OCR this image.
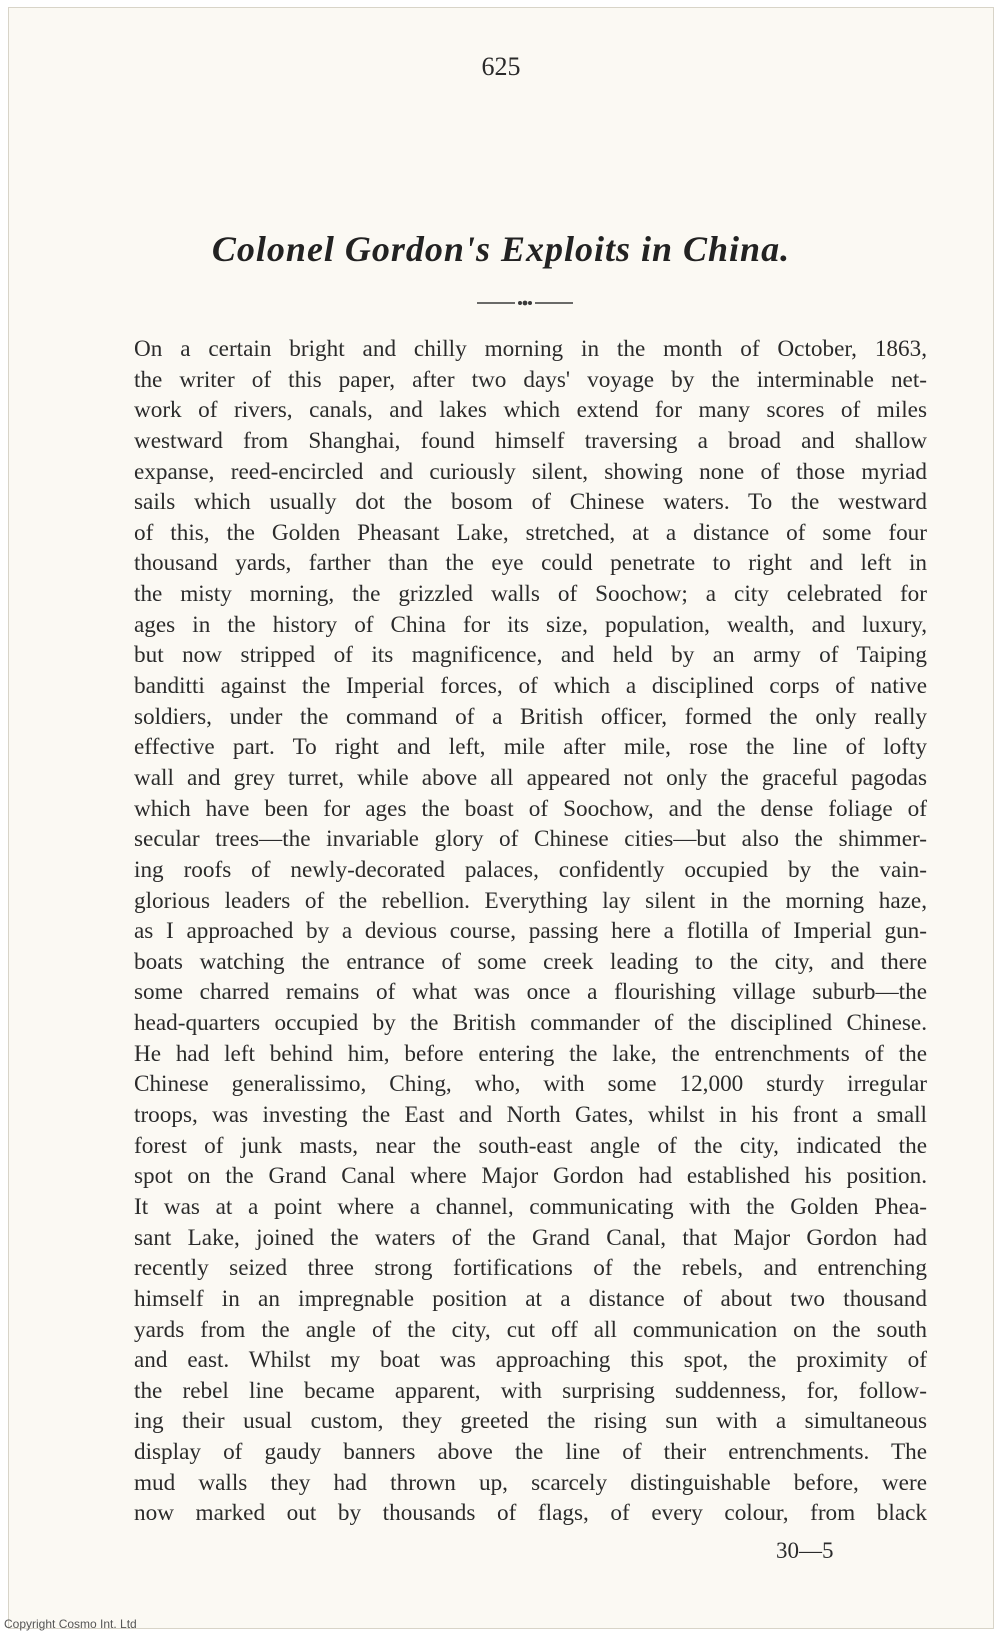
625
Colonel Gordon's Exploits in China.
On a certain bright and chilly morning in the month of October, 1863,
the writer of this paper, after two days' voyage by the interminable net-
work of rivers, canals, and lakes which extend for many scores of miles
westward from Shanghai, found himself traversing a broad and shallow
expanse, reed-encircled and curiously silent, showing none of those myriad
sails which usually dot the bosom of Chinese waters. To the westward
of this, the Golden Pheasant Lake, stretched, at a distance of some four
thousand yards, farther than the eye could penetrate to right and left in
the misty morning, the grizzled walls of Soochow; a city celebrated for
ages in the history of China for its size, population, wealth, and luxury,
but now stripped of its magnificence, and held by an army of Taiping
banditti against the Imperial forces, of which a disciplined corps of native
soldiers, under the command of a British officer, formed the only really
effective part. To right and left, mile after mile, rose the line of lofty
wall and grey turret, while above all appeared not only the graceful pagodas
which have been for ages the boast of Soochow, and the dense foliage of
secular trees—the invariable glory of Chinese cities—but also the shimmer-
ing roofs of newly-decorated palaces, confidently occupied by the vain-
glorious leaders of the rebellion. Everything lay silent in the morning haze,
as I approached by a devious course, passing here a flotilla of Imperial gun-
boats watching the entrance of some creek leading to the city, and there
some charred remains of what was once a flourishing village suburb—the
head-quarters occupied by the British commander of the disciplined Chinese.
He had left behind him, before entering the lake, the entrenchments of the
Chinese generalissimo, Ching, who, with some 12,000 sturdy irregular
troops, was investing the East and North Gates, whilst in his front a small
forest of junk masts, near the south-east angle of the city, indicated the
spot on the Grand Canal where Major Gordon had established his position.
It was at a point where a channel, communicating with the Golden Phea-
sant Lake, joined the waters of the Grand Canal, that Major Gordon had
recently seized three strong fortifications of the rebels, and entrenching
himself in an impregnable position at a distance of about two thousand
yards from the angle of the city, cut off all communication on the south
and east. Whilst my boat was approaching this spot, the proximity of
the rebel line became apparent, with surprising suddenness, for, follow-
ing their usual custom, they greeted the rising sun with a simultaneous
display of gaudy banners above the line of their entrenchments. The
mud walls they had thrown up, scarcely distinguishable before, were
now marked out by thousands of flags, of every colour, from black
30—5
Copyright Cosmo Int. Ltd
